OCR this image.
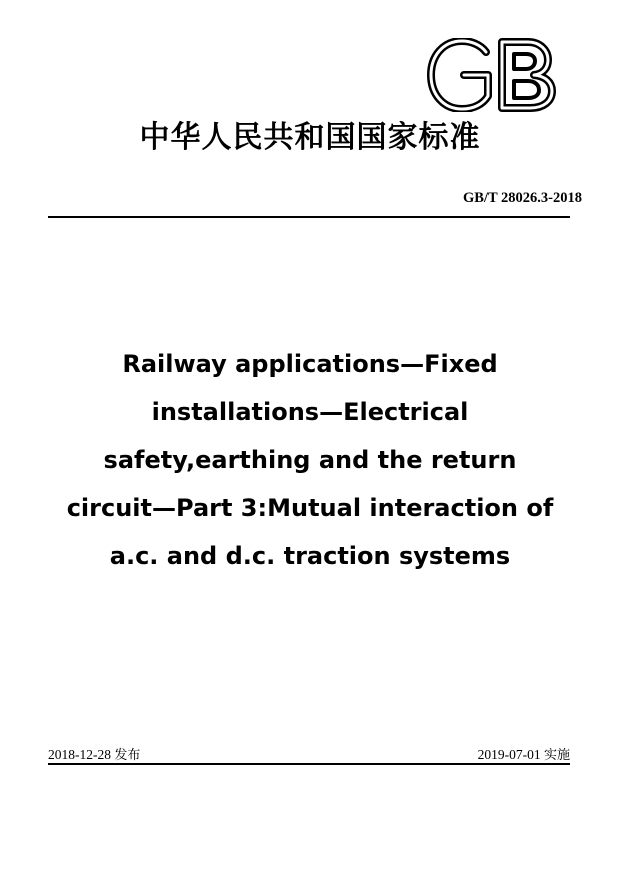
中华人民共和国国家标准
GB/T 28026.3-2018
Railway applications—Fixed
installations—Electrical
safety,earthing and the return
circuit—Part 3:Mutual interaction of
a.c. and d.c. traction systems
2018-12-28 发布	2019-07-01 实施
